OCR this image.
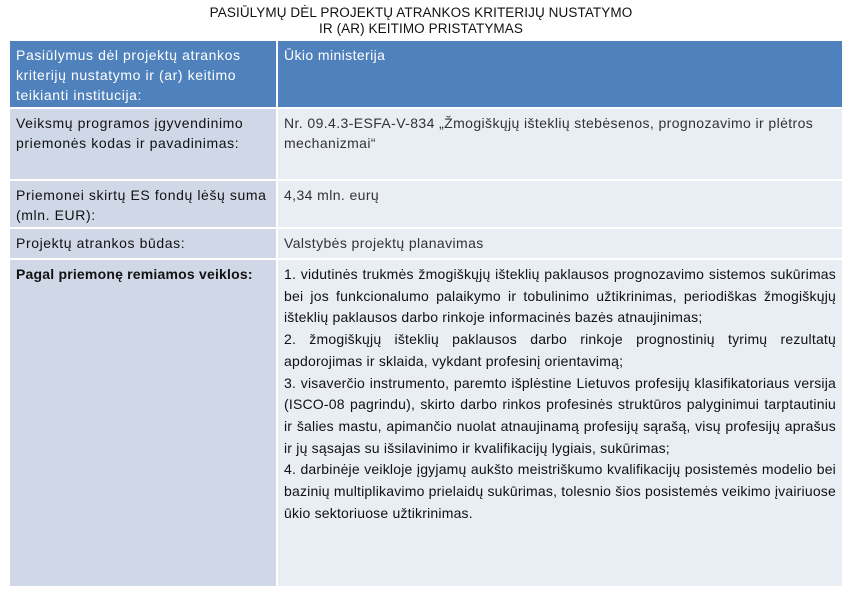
PASIŪLYMŲ DĖL PROJEKTŲ ATRANKOS KRITERIJŲ NUSTATYMO
IR (AR) KEITIMO PRISTATYMAS
Pasiūlymus dėl projektų atrankos kriterijų nustatymo ir (ar) keitimo teikianti institucija:
Ūkio ministerija
Veiksmų programos įgyvendinimo priemonės kodas ir pavadinimas:
Nr. 09.4.3-ESFA-V-834 „Žmogiškųjų išteklių stebėsenos, prognozavimo ir plėtros mechanizmai“
Priemonei skirtų ES fondų lėšų suma (mln. EUR):
4,34 mln. eurų
Projektų atrankos būdas:	Valstybės projektų planavimas
Pagal priemonę remiamos veiklos:	1. vidutinės trukmės žmogiškųjų išteklių paklausos prognozavimo sistemos sukūrimas bei jos funkcionalumo palaikymo ir tobulinimo užtikrinimas, periodiškas žmogiškųjų išteklių paklausos darbo rinkoje informacinės bazės atnaujinimas;
2. žmogiškųjų išteklių paklausos darbo rinkoje prognostinių tyrimų rezultatų apdorojimas ir sklaida, vykdant profesinį orientavimą;
3. visaverčio instrumento, paremto išplėstine Lietuvos profesijų klasifikatoriaus versija (ISCO-08 pagrindu), skirto darbo rinkos profesinės struktūros palyginimui tarptautiniu ir šalies mastu, apimančio nuolat atnaujinamą profesijų sąrašą, visų profesijų aprašus ir jų sąsajas su išsilavinimo ir kvalifikacijų lygiais, sukūrimas;
4. darbinėje veikloje įgyjamų aukšto meistriškumo kvalifikacijų posistemės modelio bei bazinių multiplikavimo prielaidų sukūrimas, tolesnio šios posistemės veikimo įvairiuose ūkio sektoriuose užtikrinimas.
